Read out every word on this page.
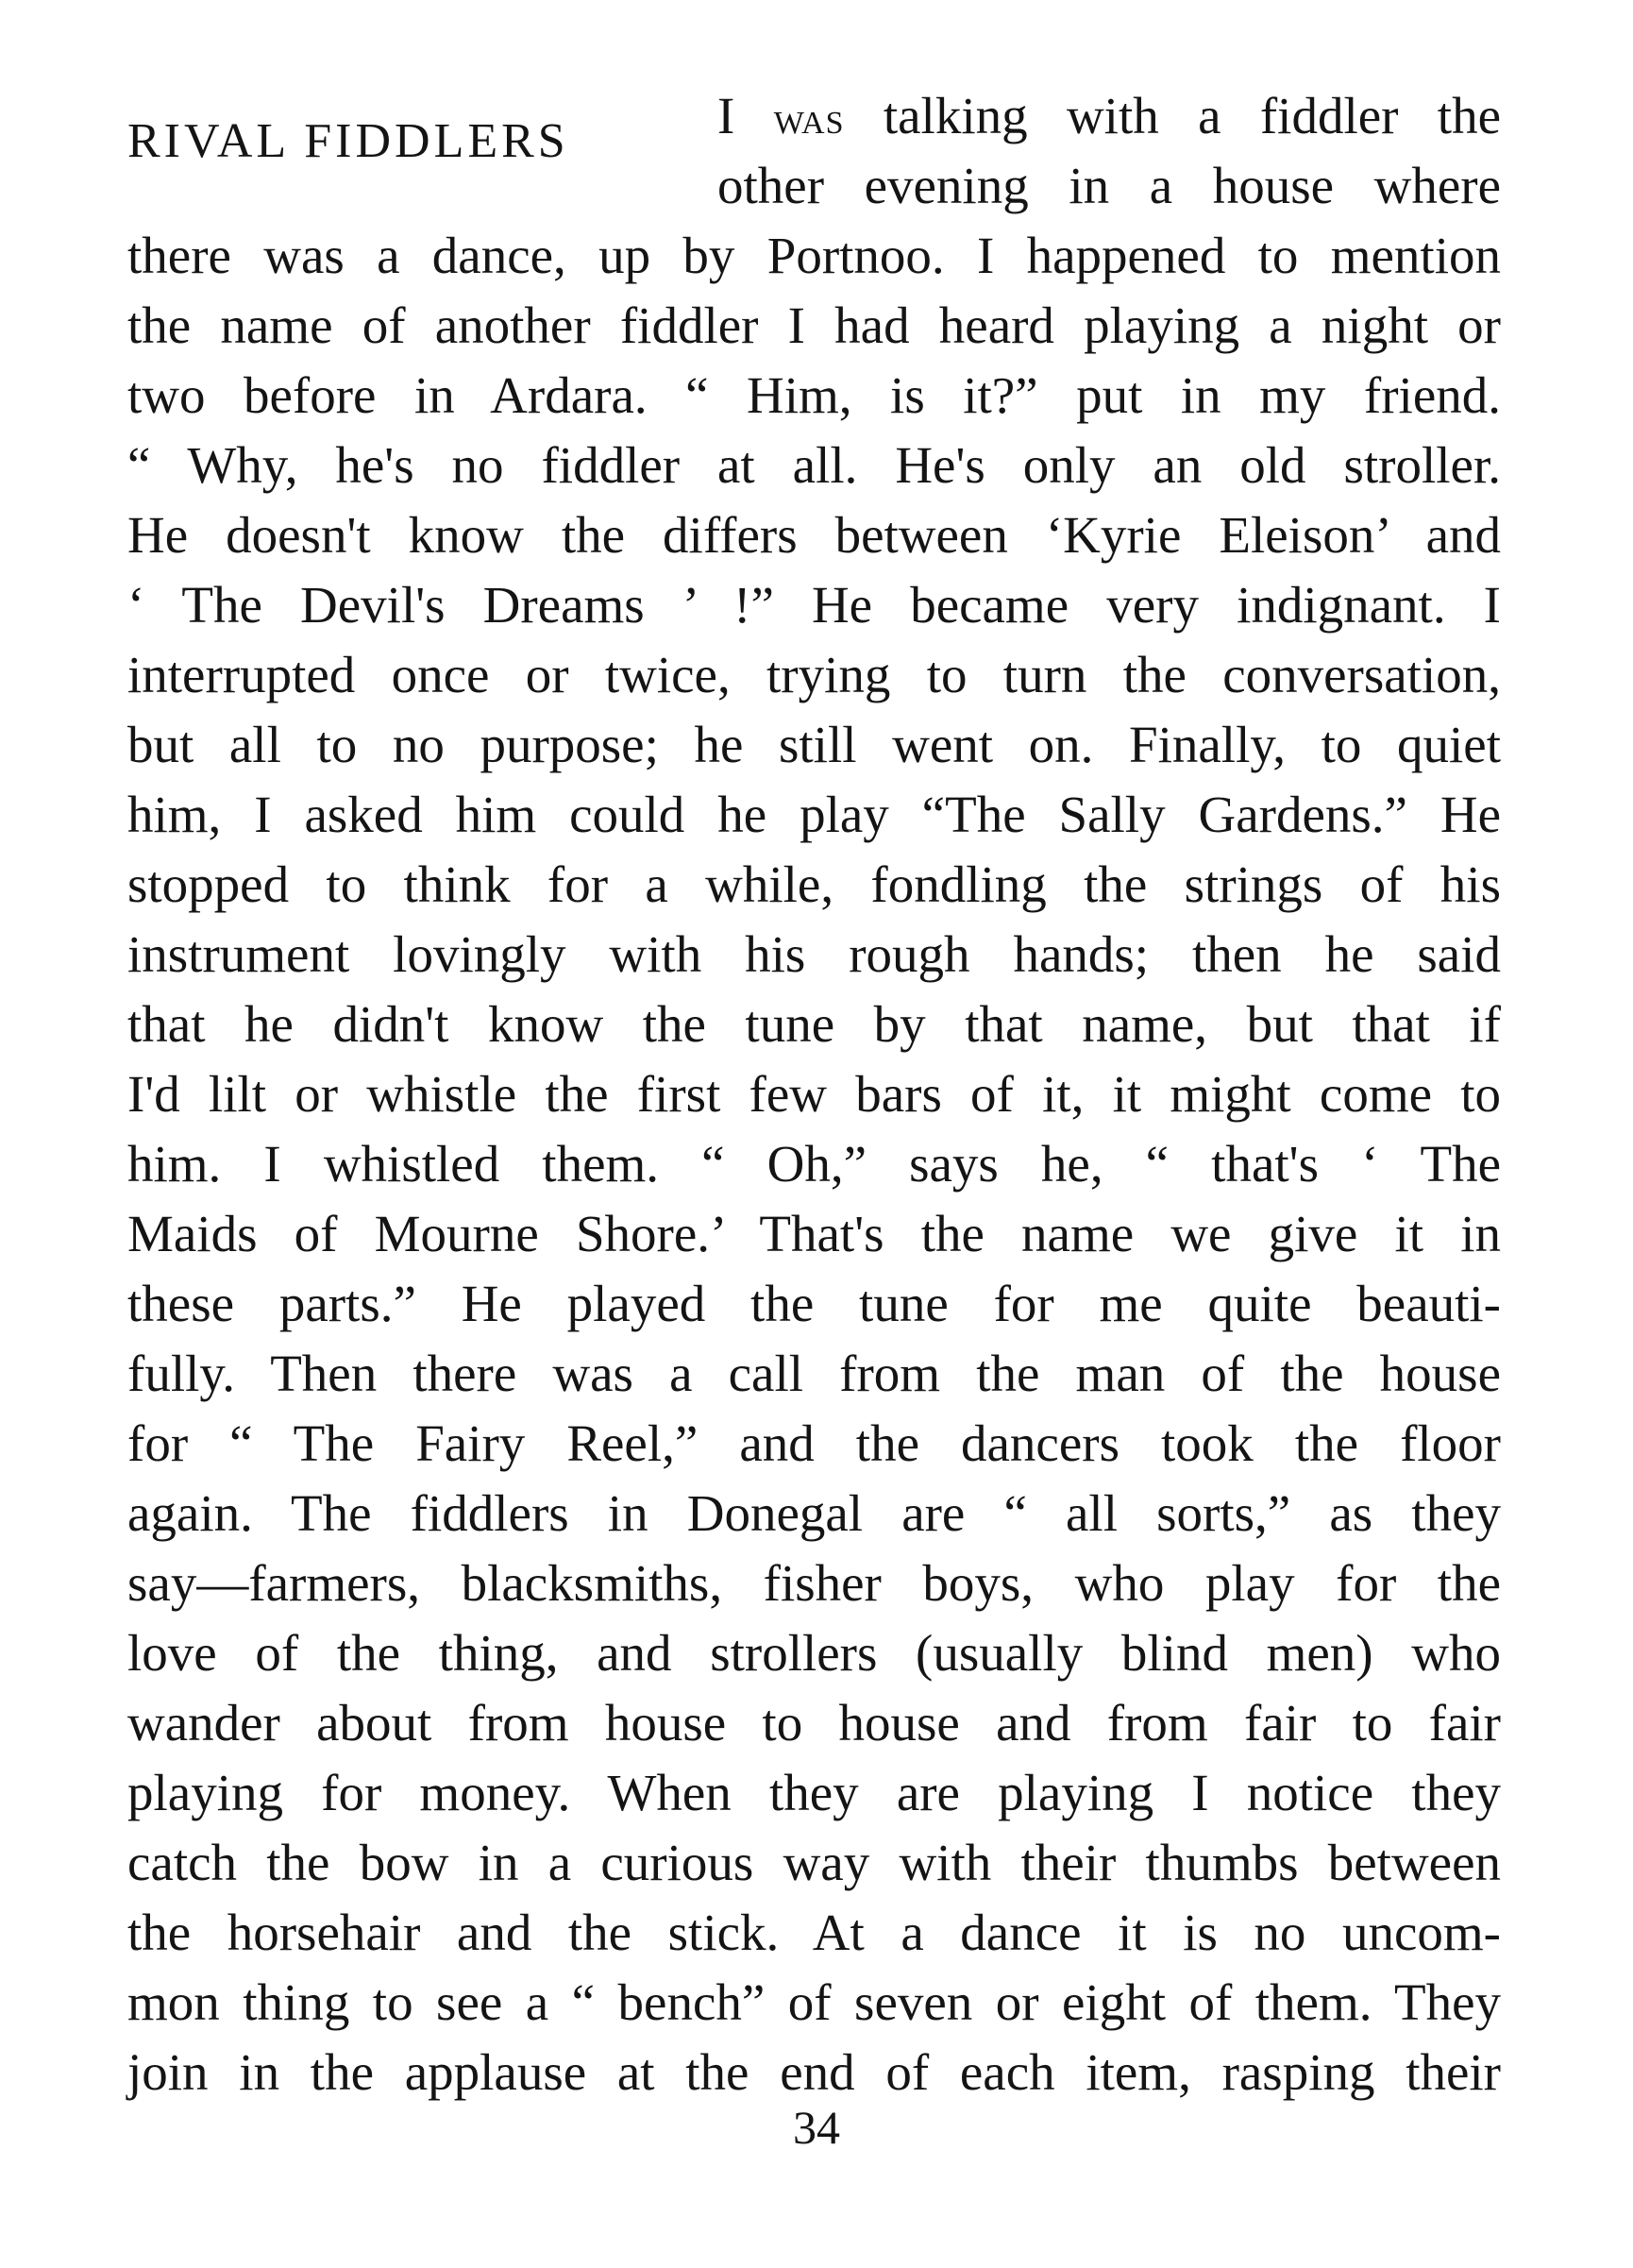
RIVAL FIDDLERS	I was talking with a fiddler the

other evening in a house where

there was a dance, up by Portnoo. I happened to mention
the name of another fiddler I had heard playing a night or
two before in Ardara. “ Him, is it?” put in my friend.
“ Why, he's no fiddler at all. He's only an old stroller.
He doesn't know the differs between ‘Kyrie Eleison’ and
‘ The Devil's Dreams ’ !” He became very indignant. I
interrupted once or twice, trying to turn the conversation,
but all to no purpose; he still went on. Finally, to quiet
him, I asked him could he play “The Sally Gardens.” He
stopped to think for a while, fondling the strings of his
instrument lovingly with his rough hands; then he said
that he didn't know the tune by that name, but that if
I'd lilt or whistle the first few bars of it, it might come to
him. I whistled them. “ Oh,” says he, “ that's ‘ The
Maids of Mourne Shore.’ That's the name we give it in
these parts.” He played the tune for me quite beauti-
fully. Then there was a call from the man of the house
for “ The Fairy Reel,” and the dancers took the floor
again. The fiddlers in Donegal are “ all sorts,” as they
say—farmers, blacksmiths, fisher boys, who play for the
love of the thing, and strollers (usually blind men) who
wander about from house to house and from fair to fair
playing for money. When they are playing I notice they
catch the bow in a curious way with their thumbs between
the horsehair and the stick. At a dance it is no uncom-
mon thing to see a “ bench” of seven or eight of them. They
join in the applause at the end of each item, rasping their
34
